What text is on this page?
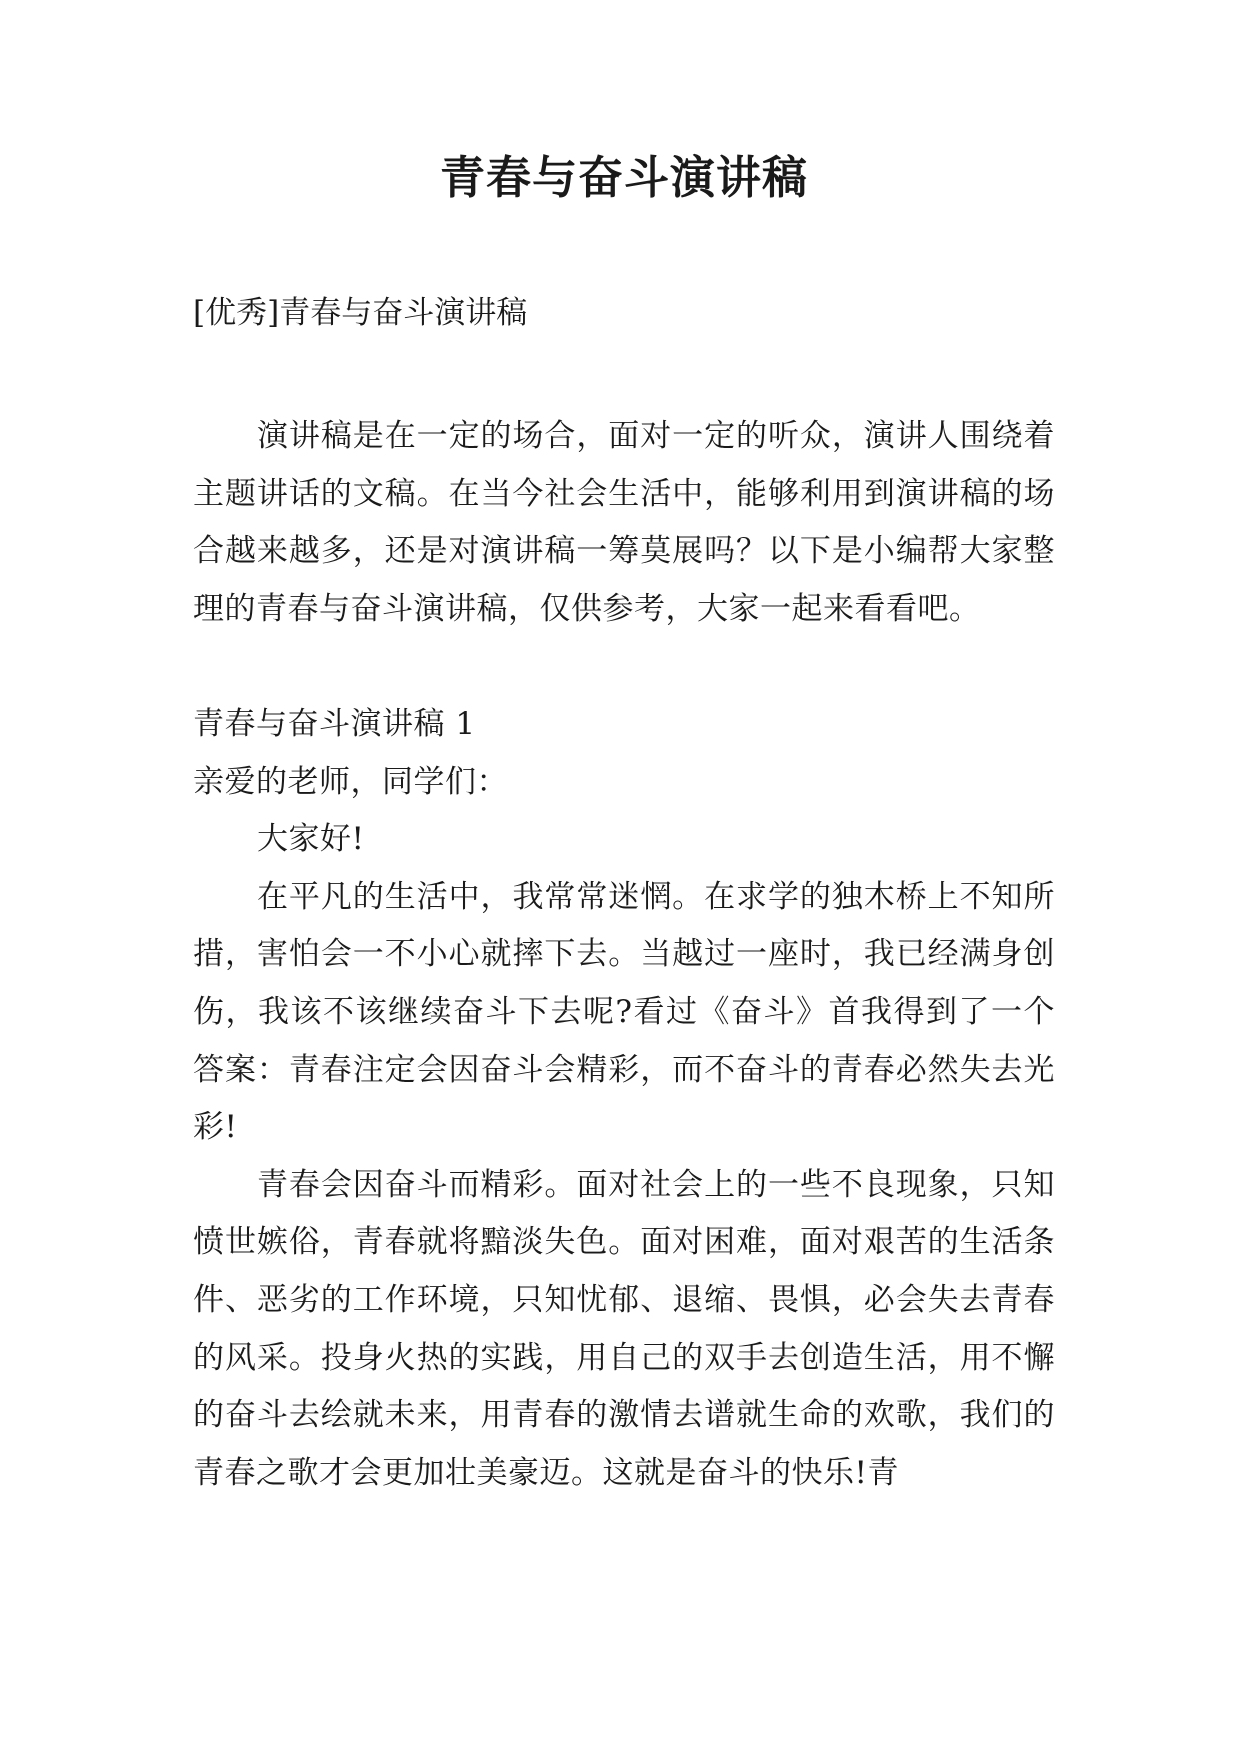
青春与奋斗演讲稿

[优秀]青春与奋斗演讲稿

演讲稿是在一定的场合，面对一定的听众，演讲人围绕着主题讲话的文稿。在当今社会生活中，能够利用到演讲稿的场合越来越多，还是对演讲稿一筹莫展吗？以下是小编帮大家整理的青春与奋斗演讲稿，仅供参考，大家一起来看看吧。

青春与奋斗演讲稿 1

亲爱的老师，同学们：

大家好!

在平凡的生活中，我常常迷惘。在求学的独木桥上不知所措，害怕会一不小心就摔下去。当越过一座时，我已经满身创伤，我该不该继续奋斗下去呢?看过《奋斗》首我得到了一个答案：青春注定会因奋斗会精彩，而不奋斗的青春必然失去光彩!

青春会因奋斗而精彩。面对社会上的一些不良现象，只知愤世嫉俗，青春就将黯淡失色。面对困难，面对艰苦的生活条件、恶劣的工作环境，只知忧郁、退缩、畏惧，必会失去青春的风采。投身火热的实践，用自己的双手去创造生活，用不懈的奋斗去绘就未来，用青春的激情去谱就生命的欢歌，我们的青春之歌才会更加壮美豪迈。这就是奋斗的快乐!青
